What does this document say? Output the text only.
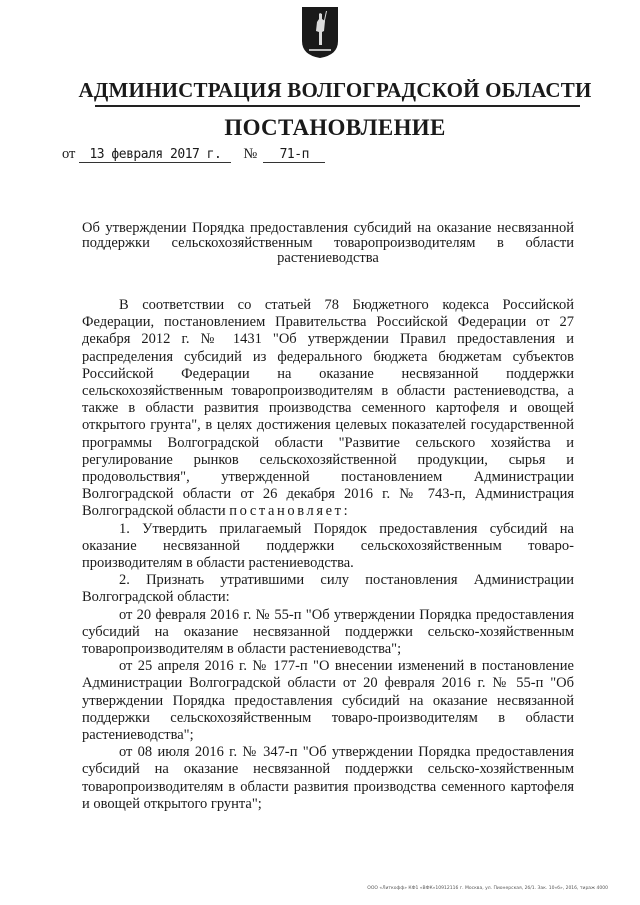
АДМИНИСТРАЦИЯ ВОЛГОГРАДСКОЙ ОБЛАСТИ
ПОСТАНОВЛЕНИЕ
от 13 февраля 2017 г. № 71-п
Об утверждении Порядка предоставления субсидий на оказание несвязанной поддержки сельскохозяйственным товаропроизводителям в области растениеводства

В соответствии со статьей 78 Бюджетного кодекса Российской Федерации, постановлением Правительства Российской Федерации от 27 декабря 2012 г. № 1431 "Об утверждении Правил предоставления и распределения субсидий из федерального бюджета бюджетам субъектов Российской Федерации на оказание несвязанной поддержки сельскохозяйственным товаропроизводителям в области растениеводства, а также в области развития производства семенного картофеля и овощей открытого грунта", в целях достижения целевых показателей государственной программы Волгоградской области "Развитие сельского хозяйства и регулирование рынков сельскохозяйственной продукции, сырья и продовольствия", утвержденной постановлением Администрации Волгоградской области от 26 декабря 2016 г. № 743-п, Администрация Волгоградской области постановляет:

1. Утвердить прилагаемый Порядок предоставления субсидий на оказание несвязанной поддержки сельскохозяйственным товаро-производителям в области растениеводства.

2. Признать утратившими силу постановления Администрации Волгоградской области:

от 20 февраля 2016 г. № 55-п "Об утверждении Порядка предоставления субсидий на оказание несвязанной поддержки сельско-хозяйственным товаропроизводителям в области растениеводства";

от 25 апреля 2016 г. № 177-п "О внесении изменений в постановление Администрации Волгоградской области от 20 февраля 2016 г. № 55-п "Об утверждении Порядка предоставления субсидий на оказание несвязанной поддержки сельскохозяйственным товаро-производителям в области растениеводства";

от 08 июля 2016 г. № 347-п "Об утверждении Порядка предоставления субсидий на оказание несвязанной поддержки сельско-хозяйственным товаропроизводителям в области развития производства семенного картофеля и овощей открытого грунта";

ООО «Литкофф» КФ1 «ВФК»10912116 г. Москва, ул. Пионерская, 2б/1. Зак. 10«б», 2016, тираж 4000
